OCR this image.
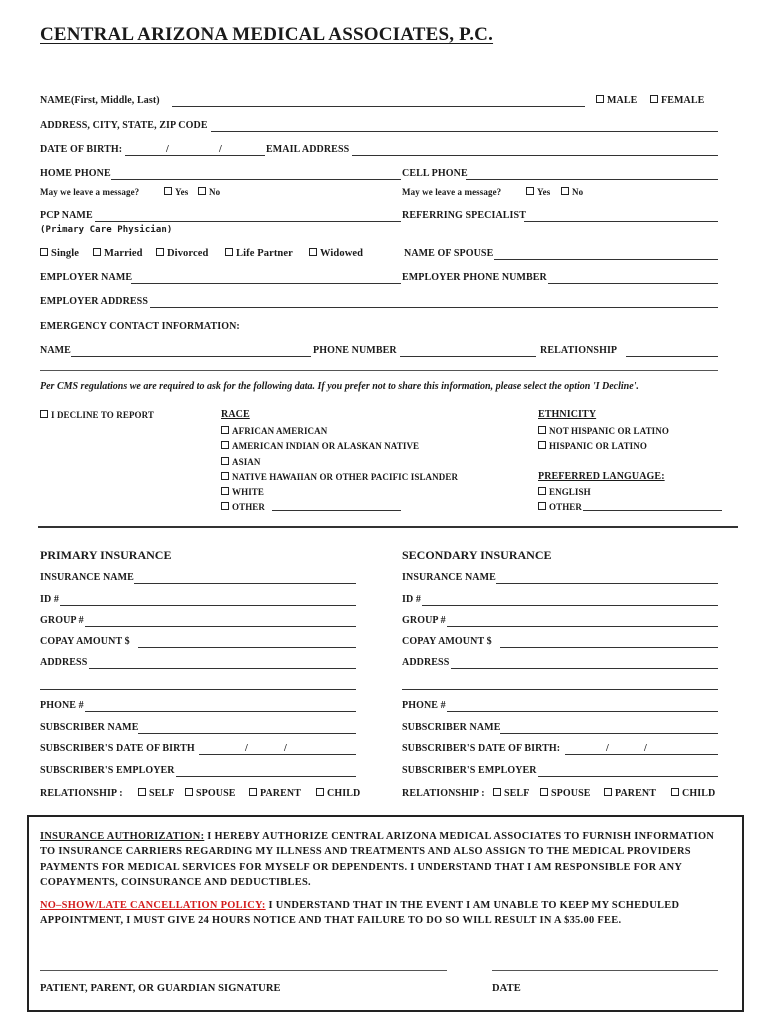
CENTRAL ARIZONA MEDICAL ASSOCIATES, P.C.
NAME(First, Middle, Last)	MALE	FEMALE
ADDRESS, CITY, STATE, ZIP CODE
DATE OF BIRTH:	/	/	EMAIL ADDRESS
HOME PHONE	CELL PHONE
May we leave a message?	Yes	No	May we leave a message?	Yes	No
PCP NAME
(Primary Care Physician)
REFERRING SPECIALIST
Single	Married	Divorced	Life Partner	Widowed	NAME OF SPOUSE
EMPLOYER NAME	EMPLOYER PHONE NUMBER
EMPLOYER ADDRESS
EMERGENCY CONTACT INFORMATION:
NAME	PHONE NUMBER	RELATIONSHIP
Per CMS regulations we are required to ask for the following data. If you prefer not to share this information, please select the option 'I Decline'.
I DECLINE TO REPORT	RACE
AFRICAN AMERICAN
AMERICAN INDIAN OR ALASKAN NATIVE
ASIAN
NATIVE HAWAIIAN OR OTHER PACIFIC ISLANDER
WHITE
OTHER
ETHNICITY
NOT HISPANIC OR LATINO
HISPANIC OR LATINO
PREFERRED LANGUAGE:
ENGLISH
OTHER
PRIMARY INSURANCE	SECONDARY INSURANCE
INSURANCE NAME
ID #
GROUP #
COPAY AMOUNT $
ADDRESS
PHONE #
SUBSCRIBER NAME
SUBSCRIBER'S DATE OF BIRTH	/	/
SUBSCRIBER'S EMPLOYER
RELATIONSHIP :	SELF	SPOUSE	PARENT	CHILD
INSURANCE NAME
ID #
GROUP #
COPAY AMOUNT $
ADDRESS
PHONE #
SUBSCRIBER NAME
SUBSCRIBER'S DATE OF BIRTH:	/	/
SUBSCRIBER'S EMPLOYER
RELATIONSHIP :	SELF	SPOUSE	PARENT	CHILD
INSURANCE AUTHORIZATION: I HEREBY AUTHORIZE CENTRAL ARIZONA MEDICAL ASSOCIATES TO FURNISH INFORMATION TO INSURANCE CARRIERS REGARDING MY ILLNESS AND TREATMENTS AND ALSO ASSIGN TO THE MEDICAL PROVIDERS PAYMENTS FOR MEDICAL SERVICES FOR MYSELF OR DEPENDENTS. I UNDERSTAND THAT I AM RESPONSIBLE FOR ANY COPAYMENTS, COINSURANCE AND DEDUCTIBLES.
NO–SHOW/LATE CANCELLATION POLICY: I UNDERSTAND THAT IN THE EVENT I AM UNABLE TO KEEP MY SCHEDULED APPOINTMENT, I MUST GIVE 24 HOURS NOTICE AND THAT FAILURE TO DO SO WILL RESULT IN A $35.00 FEE.
PATIENT, PARENT, OR GUARDIAN SIGNATURE	DATE
